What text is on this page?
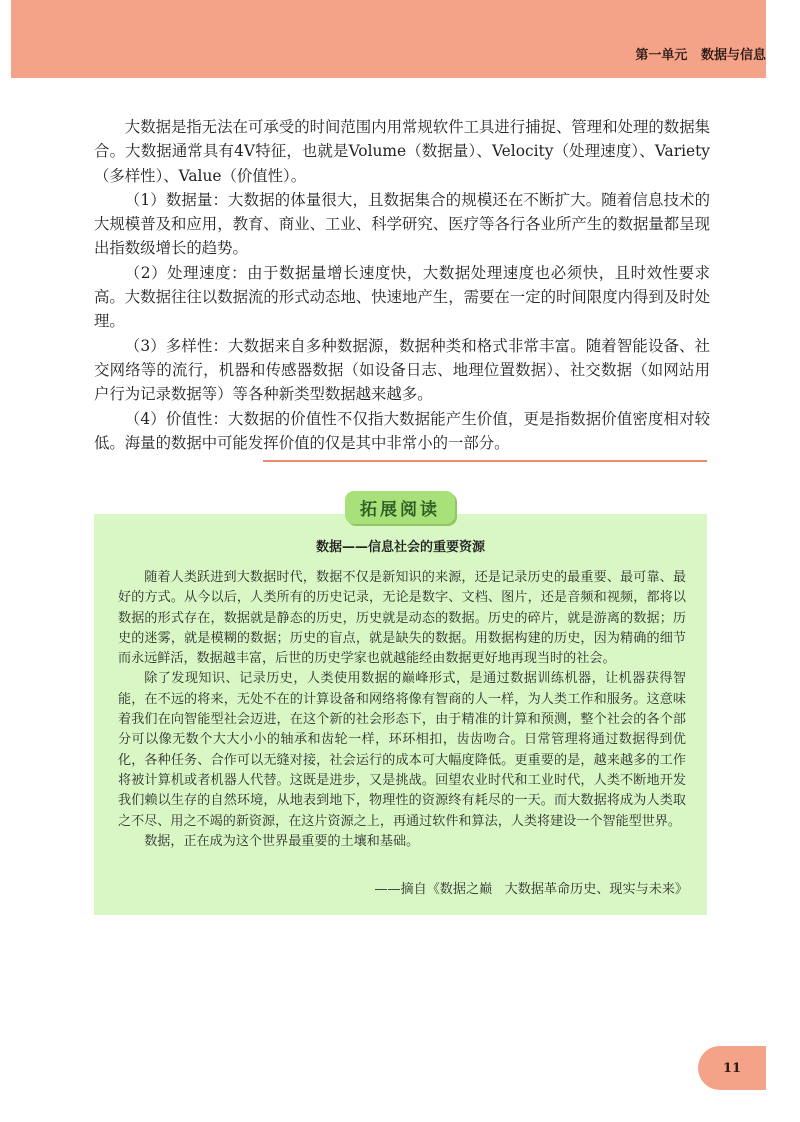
第一单元   数据与信息

大数据是指无法在可承受的时间范围内用常规软件工具进行捕捉、管理和处理的数据集合。大数据通常具有4V特征，也就是Volume（数据量）、Velocity（处理速度）、Variety（多样性）、Value（价值性）。

（1）数据量：大数据的体量很大，且数据集合的规模还在不断扩大。随着信息技术的大规模普及和应用，教育、商业、工业、科学研究、医疗等各行各业所产生的数据量都呈现出指数级增长的趋势。

（2）处理速度：由于数据量增长速度快，大数据处理速度也必须快，且时效性要求高。大数据往往以数据流的形式动态地、快速地产生，需要在一定的时间限度内得到及时处理。

（3）多样性：大数据来自多种数据源，数据种类和格式非常丰富。随着智能设备、社交网络等的流行，机器和传感器数据（如设备日志、地理位置数据）、社交数据（如网站用户行为记录数据等）等各种新类型数据越来越多。

（4）价值性：大数据的价值性不仅指大数据能产生价值，更是指数据价值密度相对较低。海量的数据中可能发挥价值的仅是其中非常小的一部分。

拓展阅读
数据——信息社会的重要资源

随着人类跃进到大数据时代，数据不仅是新知识的来源，还是记录历史的最重要、最可靠、最好的方式。从今以后，人类所有的历史记录，无论是数字、文档、图片，还是音频和视频，都将以数据的形式存在，数据就是静态的历史，历史就是动态的数据。历史的碎片，就是游离的数据；历史的迷雾，就是模糊的数据；历史的盲点，就是缺失的数据。用数据构建的历史，因为精确的细节而永远鲜活，数据越丰富，后世的历史学家也就越能经由数据更好地再现当时的社会。

除了发现知识、记录历史，人类使用数据的巅峰形式，是通过数据训练机器，让机器获得智能，在不远的将来，无处不在的计算设备和网络将像有智商的人一样，为人类工作和服务。这意味着我们在向智能型社会迈进，在这个新的社会形态下，由于精准的计算和预测，整个社会的各个部分可以像无数个大大小小的轴承和齿轮一样，环环相扣，齿齿吻合。日常管理将通过数据得到优化，各种任务、合作可以无缝对接，社会运行的成本可大幅度降低。更重要的是，越来越多的工作将被计算机或者机器人代替。这既是进步，又是挑战。回望农业时代和工业时代，人类不断地开发我们赖以生存的自然环境，从地表到地下，物理性的资源终有耗尽的一天。而大数据将成为人类取之不尽、用之不竭的新资源，在这片资源之上，再通过软件和算法，人类将建设一个智能型世界。

数据，正在成为这个世界最重要的土壤和基础。

——摘自《数据之巅   大数据革命历史、现实与未来》
11
